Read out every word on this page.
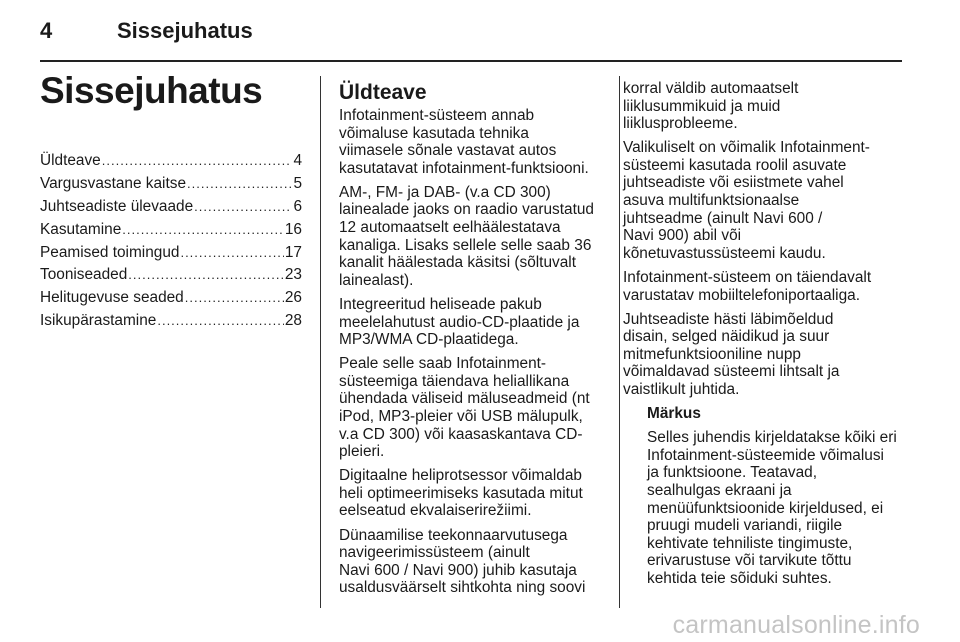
4	Sissejuhatus
Sissejuhatus
Üldteave .....	4
Vargusvastane kaitse .....	5
Juhtseadiste ülevaade .....	6
Kasutamine .....	16
Peamised toimingud .....	17
Tooniseaded .....	23
Helitugevuse seaded .....	26
Isikupärastamine .....	28
Üldteave

Infotainment-süsteem annab
võimaluse kasutada tehnika
viimasele sõnale vastavat autos
kasutatavat infotainment-funktsiooni.

AM-, FM- ja DAB- (v.a CD 300)
lainealade jaoks on raadio varustatud
12 automaatselt eelhäälestatava
kanaliga. Lisaks sellele selle saab 36
kanalit häälestada käsitsi (sõltuvalt
lainealast).

Integreeritud heliseade pakub
meelelahutust audio-CD-plaatide ja
MP3/WMA CD-plaatidega.

Peale selle saab Infotainment-
süsteemiga täiendava heliallikana
ühendada väliseid mäluseadmeid (nt
iPod, MP3-pleier või USB mälupulk,
v.a CD 300) või kaasaskantava CD-
pleieri.

Digitaalne heliprotsessor võimaldab
heli optimeerimiseks kasutada mitut
eelseatud ekvalaiserirežiimi.

Dünaamilise teekonnaarvutusega
navigeerimissüsteem (ainult
Navi 600 / Navi 900) juhib kasutaja
usaldusväärselt sihtkohta ning soovi

korral väldib automaatselt
liiklusummikuid ja muid
liiklusprobleeme.

Valikuliselt on võimalik Infotainment-
süsteemi kasutada roolil asuvate
juhtseadiste või esiistmete vahel
asuva multifunktsionaalse
juhtseadme (ainult Navi 600 /
Navi 900) abil või
kõnetuvastussüsteemi kaudu.

Infotainment-süsteem on täiendavalt
varustatav mobiiltelefoniportaaliga.

Juhtseadiste hästi läbimõeldud
disain, selged näidikud ja suur
mitmefunktsiooniline nupp
võimaldavad süsteemi lihtsalt ja
vaistlikult juhtida.

Märkus

Selles juhendis kirjeldatakse kõiki eri
Infotainment-süsteemide võimalusi
ja funktsioone. Teatavad,
sealhulgas ekraani ja
menüüfunktsioonide kirjeldused, ei
pruugi mudeli variandi, riigile
kehtivate tehniliste tingimuste,
erivarustuse või tarvikute tõttu
kehtida teie sõiduki suhtes.

carmanualsonline.info
